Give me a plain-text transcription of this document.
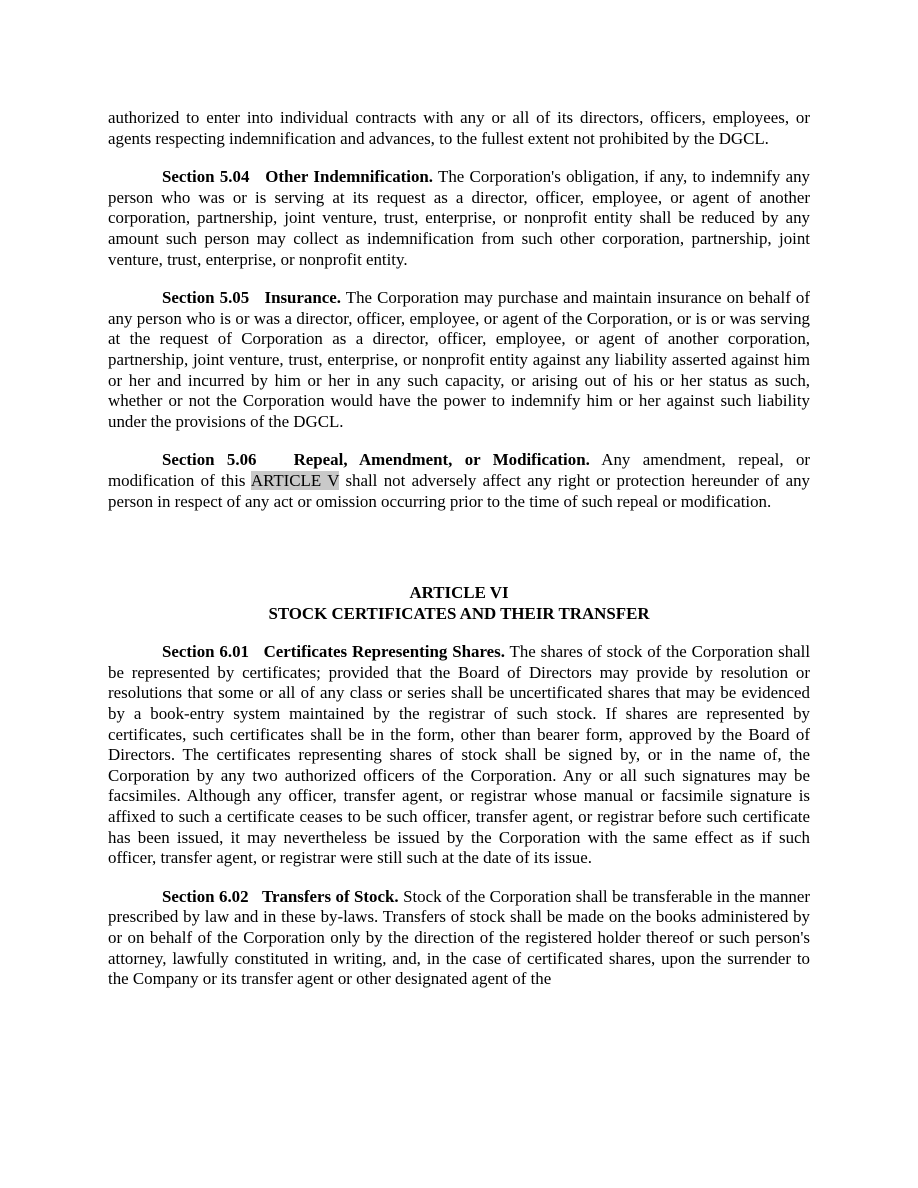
authorized to enter into individual contracts with any or all of its directors, officers, employees, or agents respecting indemnification and advances, to the fullest extent not prohibited by the DGCL.

Section 5.04 Other Indemnification. The Corporation's obligation, if any, to indemnify any person who was or is serving at its request as a director, officer, employee, or agent of another corporation, partnership, joint venture, trust, enterprise, or nonprofit entity shall be reduced by any amount such person may collect as indemnification from such other corporation, partnership, joint venture, trust, enterprise, or nonprofit entity.

Section 5.05 Insurance. The Corporation may purchase and maintain insurance on behalf of any person who is or was a director, officer, employee, or agent of the Corporation, or is or was serving at the request of Corporation as a director, officer, employee, or agent of another corporation, partnership, joint venture, trust, enterprise, or nonprofit entity against any liability asserted against him or her and incurred by him or her in any such capacity, or arising out of his or her status as such, whether or not the Corporation would have the power to indemnify him or her against such liability under the provisions of the DGCL.

Section 5.06 Repeal, Amendment, or Modification. Any amendment, repeal, or modification of this ARTICLE V shall not adversely affect any right or protection hereunder of any person in respect of any act or omission occurring prior to the time of such repeal or modification.

ARTICLE VI

STOCK CERTIFICATES AND THEIR TRANSFER

Section 6.01 Certificates Representing Shares. The shares of stock of the Corporation shall be represented by certificates; provided that the Board of Directors may provide by resolution or resolutions that some or all of any class or series shall be uncertificated shares that may be evidenced by a book-entry system maintained by the registrar of such stock. If shares are represented by certificates, such certificates shall be in the form, other than bearer form, approved by the Board of Directors. The certificates representing shares of stock shall be signed by, or in the name of, the Corporation by any two authorized officers of the Corporation. Any or all such signatures may be facsimiles. Although any officer, transfer agent, or registrar whose manual or facsimile signature is affixed to such a certificate ceases to be such officer, transfer agent, or registrar before such certificate has been issued, it may nevertheless be issued by the Corporation with the same effect as if such officer, transfer agent, or registrar were still such at the date of its issue.

Section 6.02 Transfers of Stock. Stock of the Corporation shall be transferable in the manner prescribed by law and in these by-laws. Transfers of stock shall be made on the books administered by or on behalf of the Corporation only by the direction of the registered holder thereof or such person's attorney, lawfully constituted in writing, and, in the case of certificated shares, upon the surrender to the Company or its transfer agent or other designated agent of the
